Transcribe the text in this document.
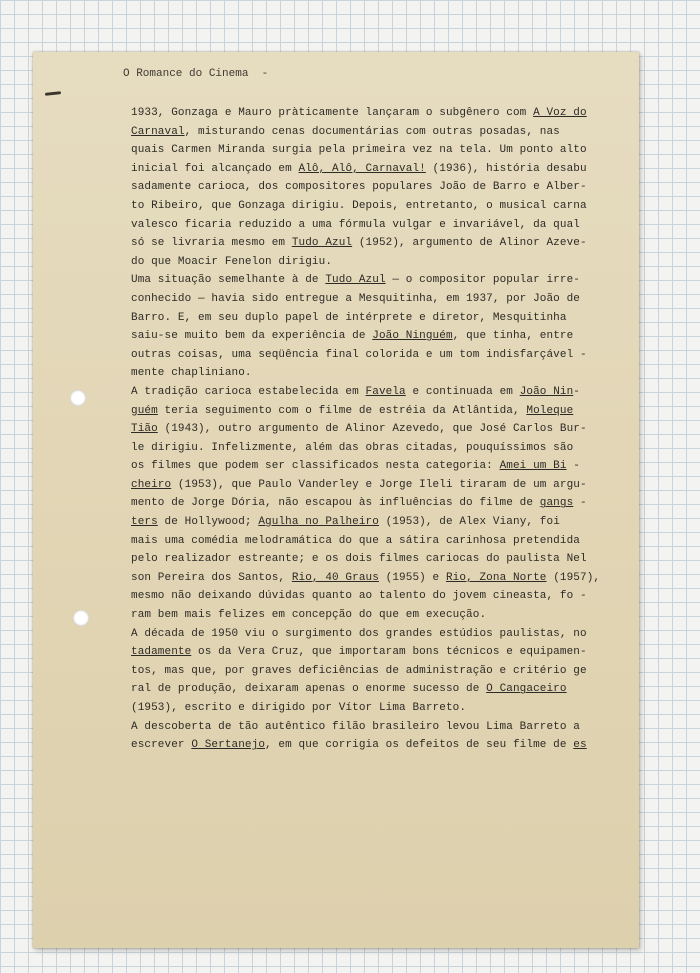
O Romance do Cinema  -
1933, Gonzaga e Mauro pràticamente lançaram o subgênero com A Voz do
Carnaval, misturando cenas documentárias com outras posadas, nas
quais Carmen Miranda surgia pela primeira vez na tela. Um ponto alto
inicial foi alcançado em Alô, Alô, Carnaval! (1936), história desabu
sadamente carioca, dos compositores populares João de Barro e Alber-
to Ribeiro, que Gonzaga dirigiu. Depois, entretanto, o musical carna
valesco ficaria reduzido a uma fórmula vulgar e invariável, da qual
só se livraria mesmo em Tudo Azul (1952), argumento de Alinor Azeve-
do que Moacir Fenelon dirigiu.
Uma situação semelhante à de Tudo Azul — o compositor popular irre-
conhecido — havia sido entregue a Mesquitinha, em 1937, por João de
Barro. E, em seu duplo papel de intérprete e diretor, Mesquitinha
saiu-se muito bem da experiência de João Ninguém, que tinha, entre
outras coisas, uma seqüência final colorida e um tom indisfarçável -
mente chapliniano.
A tradição carioca estabelecida em Favela e continuada em João Nin-
guém teria seguimento com o filme de estréia da Atlântida, Moleque
Tião (1943), outro argumento de Alinor Azevedo, que José Carlos Bur-
le dirigiu. Infelizmente, além das obras citadas, pouquíssimos são
os filmes que podem ser classificados nesta categoria: Amei um Bi -
cheiro (1953), que Paulo Vanderley e Jorge Ileli tiraram de um argu-
mento de Jorge Dória, não escapou às influências do filme de gangs -
ters de Hollywood; Agulha no Palheiro (1953), de Alex Viany, foi
mais uma comédia melodramática do que a sátira carinhosa pretendida
pelo realizador estreante; e os dois filmes cariocas do paulista Nel
son Pereira dos Santos, Rio, 40 Graus (1955) e Rio, Zona Norte (1957),
mesmo não deixando dúvidas quanto ao talento do jovem cineasta, fo -
ram bem mais felizes em concepção do que em execução.
A década de 1950 viu o surgimento dos grandes estúdios paulistas, no
tadamente os da Vera Cruz, que importaram bons técnicos e equipamen-
tos, mas que, por graves deficiências de administração e critério ge
ral de produção, deixaram apenas o enorme sucesso de O Cangaceiro
(1953), escrito e dirigido por Vítor Lima Barreto.
A descoberta de tão autêntico filão brasileiro levou Lima Barreto a
escrever O Sertanejo, em que corrigia os defeitos de seu filme de es
